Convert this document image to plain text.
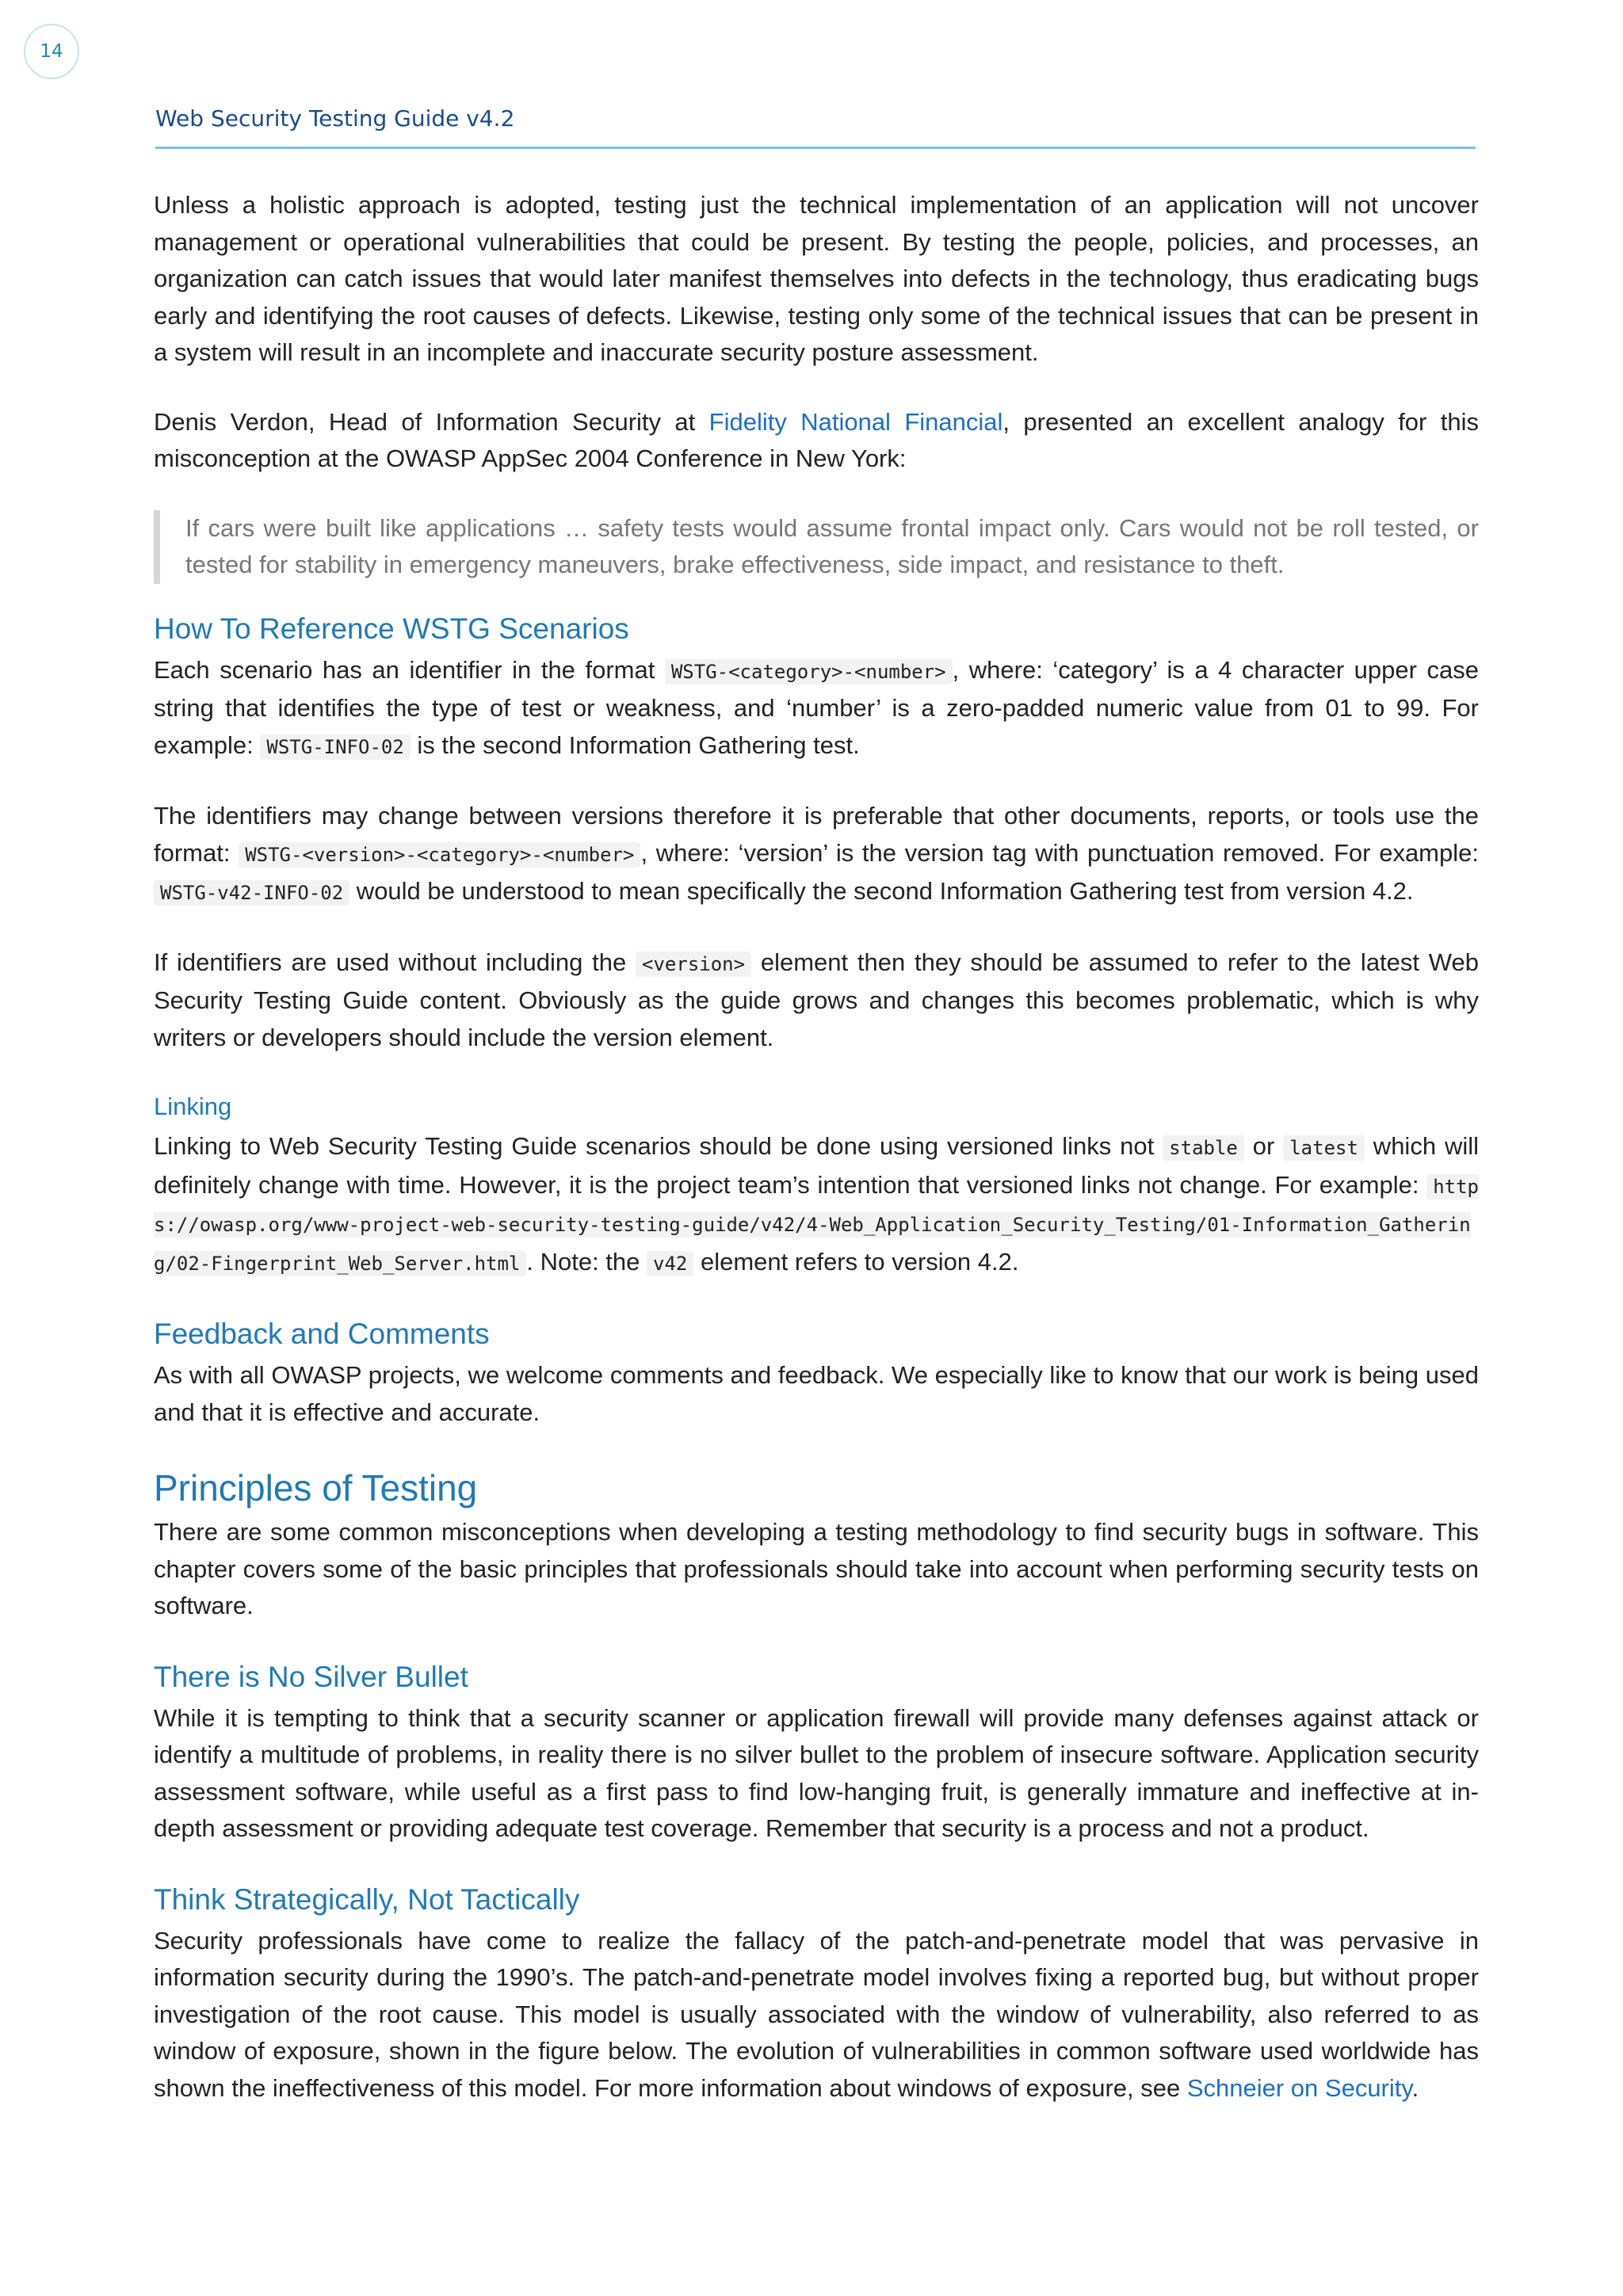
14
Web Security Testing Guide v4.2

Unless a holistic approach is adopted, testing just the technical implementation of an application will not uncover management or operational vulnerabilities that could be present. By testing the people, policies, and processes, an organization can catch issues that would later manifest themselves into defects in the technology, thus eradicating bugs early and identifying the root causes of defects. Likewise, testing only some of the technical issues that can be present in a system will result in an incomplete and inaccurate security posture assessment.

Denis Verdon, Head of Information Security at Fidelity National Financial, presented an excellent analogy for this misconception at the OWASP AppSec 2004 Conference in New York:

If cars were built like applications … safety tests would assume frontal impact only. Cars would not be roll tested, or tested for stability in emergency maneuvers, brake effectiveness, side impact, and resistance to theft.

How To Reference WSTG Scenarios

Each scenario has an identifier in the format WSTG-<category>-<number> , where: ‘category’ is a 4 character upper case string that identifies the type of test or weakness, and ‘number’ is a zero-padded numeric value from 01 to 99. For example: WSTG-INFO-02 is the second Information Gathering test.

The identifiers may change between versions therefore it is preferable that other documents, reports, or tools use the format: WSTG-<version>-<category>-<number> , where: ‘version’ is the version tag with punctuation removed. For example: WSTG-v42-INFO-02 would be understood to mean specifically the second Information Gathering test from version 4.2.

If identifiers are used without including the <version> element then they should be assumed to refer to the latest Web Security Testing Guide content. Obviously as the guide grows and changes this becomes problematic, which is why writers or developers should include the version element.

Linking

Linking to Web Security Testing Guide scenarios should be done using versioned links not stable or latest which will definitely change with time. However, it is the project team’s intention that versioned links not change. For example: https://owasp.org/www-project-web-security-testing-guide/v42/4-Web_Application_Security_Testing/01-Information_Gathering/02-Fingerprint_Web_Server.html . Note: the v42 element refers to version 4.2.

Feedback and Comments

As with all OWASP projects, we welcome comments and feedback. We especially like to know that our work is being used and that it is effective and accurate.

Principles of Testing

There are some common misconceptions when developing a testing methodology to find security bugs in software. This chapter covers some of the basic principles that professionals should take into account when performing security tests on software.

There is No Silver Bullet

While it is tempting to think that a security scanner or application firewall will provide many defenses against attack or identify a multitude of problems, in reality there is no silver bullet to the problem of insecure software. Application security assessment software, while useful as a first pass to find low-hanging fruit, is generally immature and ineffective at in-depth assessment or providing adequate test coverage. Remember that security is a process and not a product.

Think Strategically, Not Tactically

Security professionals have come to realize the fallacy of the patch-and-penetrate model that was pervasive in information security during the 1990’s. The patch-and-penetrate model involves fixing a reported bug, but without proper investigation of the root cause. This model is usually associated with the window of vulnerability, also referred to as window of exposure, shown in the figure below. The evolution of vulnerabilities in common software used worldwide has shown the ineffectiveness of this model. For more information about windows of exposure, see Schneier on Security.
